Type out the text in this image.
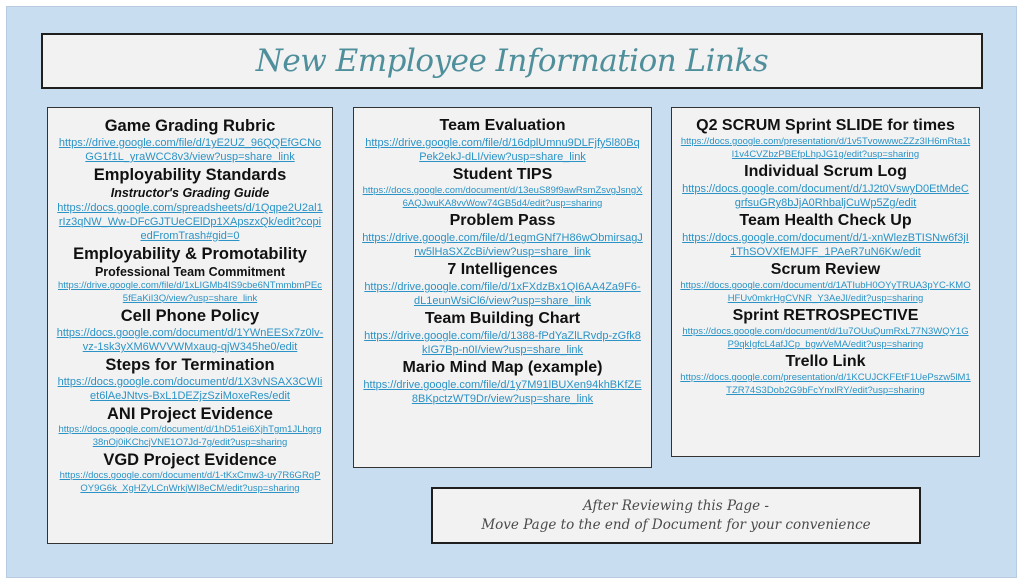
New Employee Information Links
Game Grading Rubric
https://drive.google.com/file/d/1yE2UZ_96QQEfGCNoGG1f1L_yraWCC8v3/view?usp=share_link
Employability Standards
Instructor's Grading Guide
https://docs.google.com/spreadsheets/d/1Qqpe2U2al1rIz3qNW_Ww-DFcGJTUeCElDp1XApszxQk/edit?copiedFromTrash#gid=0
Employability & Promotability
Professional Team Commitment
https://drive.google.com/file/d/1xLIGMb4IS9cbe6NTmmbmPEc5fEaKiI3Q/view?usp=share_link
Cell Phone Policy
https://docs.google.com/document/d/1YWnEESx7z0lv-vz-1sk3yXM6WVVWMxaug-qjW345he0/edit
Steps for Termination
https://docs.google.com/document/d/1X3vNSAX3CWIiet6lAeJNtvs-BxL1DEZjzSziMoxeRes/edit
ANI Project Evidence
https://docs.google.com/document/d/1hD51ei6XjhTgm1JLhgrg38nOj0iKChcjVNE1O7Jd-7g/edit?usp=sharing
VGD Project Evidence
https://docs.google.com/document/d/1-tKxCmw3-uy7R6GRqPOY9G6k_XgHZyLCnWrkjWI8eCM/edit?usp=sharing
Team Evaluation
https://drive.google.com/file/d/16dplUmnu9DLFjfy5l80BqPek2ekJ-dLI/view?usp=share_link
Student TIPS
https://docs.google.com/document/d/13euS89f9awRsmZsvgJsngX6AQJwuKA8vvWow74GB5d4/edit?usp=sharing
Problem Pass
https://drive.google.com/file/d/1egmGNf7H86wObmirsagJrw5lHaSXZcBi/view?usp=share_link
7 Intelligences
https://drive.google.com/file/d/1xFXdzBx1QI6AA4Za9F6-dL1eunWsiCl6/view?usp=share_link
Team Building Chart
https://drive.google.com/file/d/1388-fPdYaZlLRvdp-zGfk8kIG7Bp-n0I/view?usp=share_link
Mario Mind Map (example)
https://drive.google.com/file/d/1y7M91lBUXen94khBKfZE8BKpctzWT9Dr/view?usp=share_link
Q2 SCRUM Sprint SLIDE for times
https://docs.google.com/presentation/d/1v5TvowwwcZZz3IH6mRta1tl1v4CVZbzPBEfpLhpJG1g/edit?usp=sharing
Individual Scrum Log
https://docs.google.com/document/d/1J2t0VswyD0EtMdeCgrfsuGRy8bJjA0RhbaljCuWp5Zg/edit
Team Health Check Up
https://docs.google.com/document/d/1-xnWlezBTISNw6f3jI1ThSOVXfEMJFF_1PAeR7uN6Kw/edit
Scrum Review
https://docs.google.com/document/d/1ATIubH0OYyTRUA3pYC-KMOHFUv0mkrHgCVNR_Y3AeJI/edit?usp=sharing
Sprint RETROSPECTIVE
https://docs.google.com/document/d/1u7OUuQumRxL77N3WQY1GP9qkIgfcL4afJCp_bgwVeMA/edit?usp=sharing
Trello Link
https://docs.google.com/presentation/d/1KCUJCKFEtF1UePszw5lM1TZR74S3Dob2G9bFcYnxlRY/edit?usp=sharing
After Reviewing this Page -
Move Page to the end of Document for your convenience
